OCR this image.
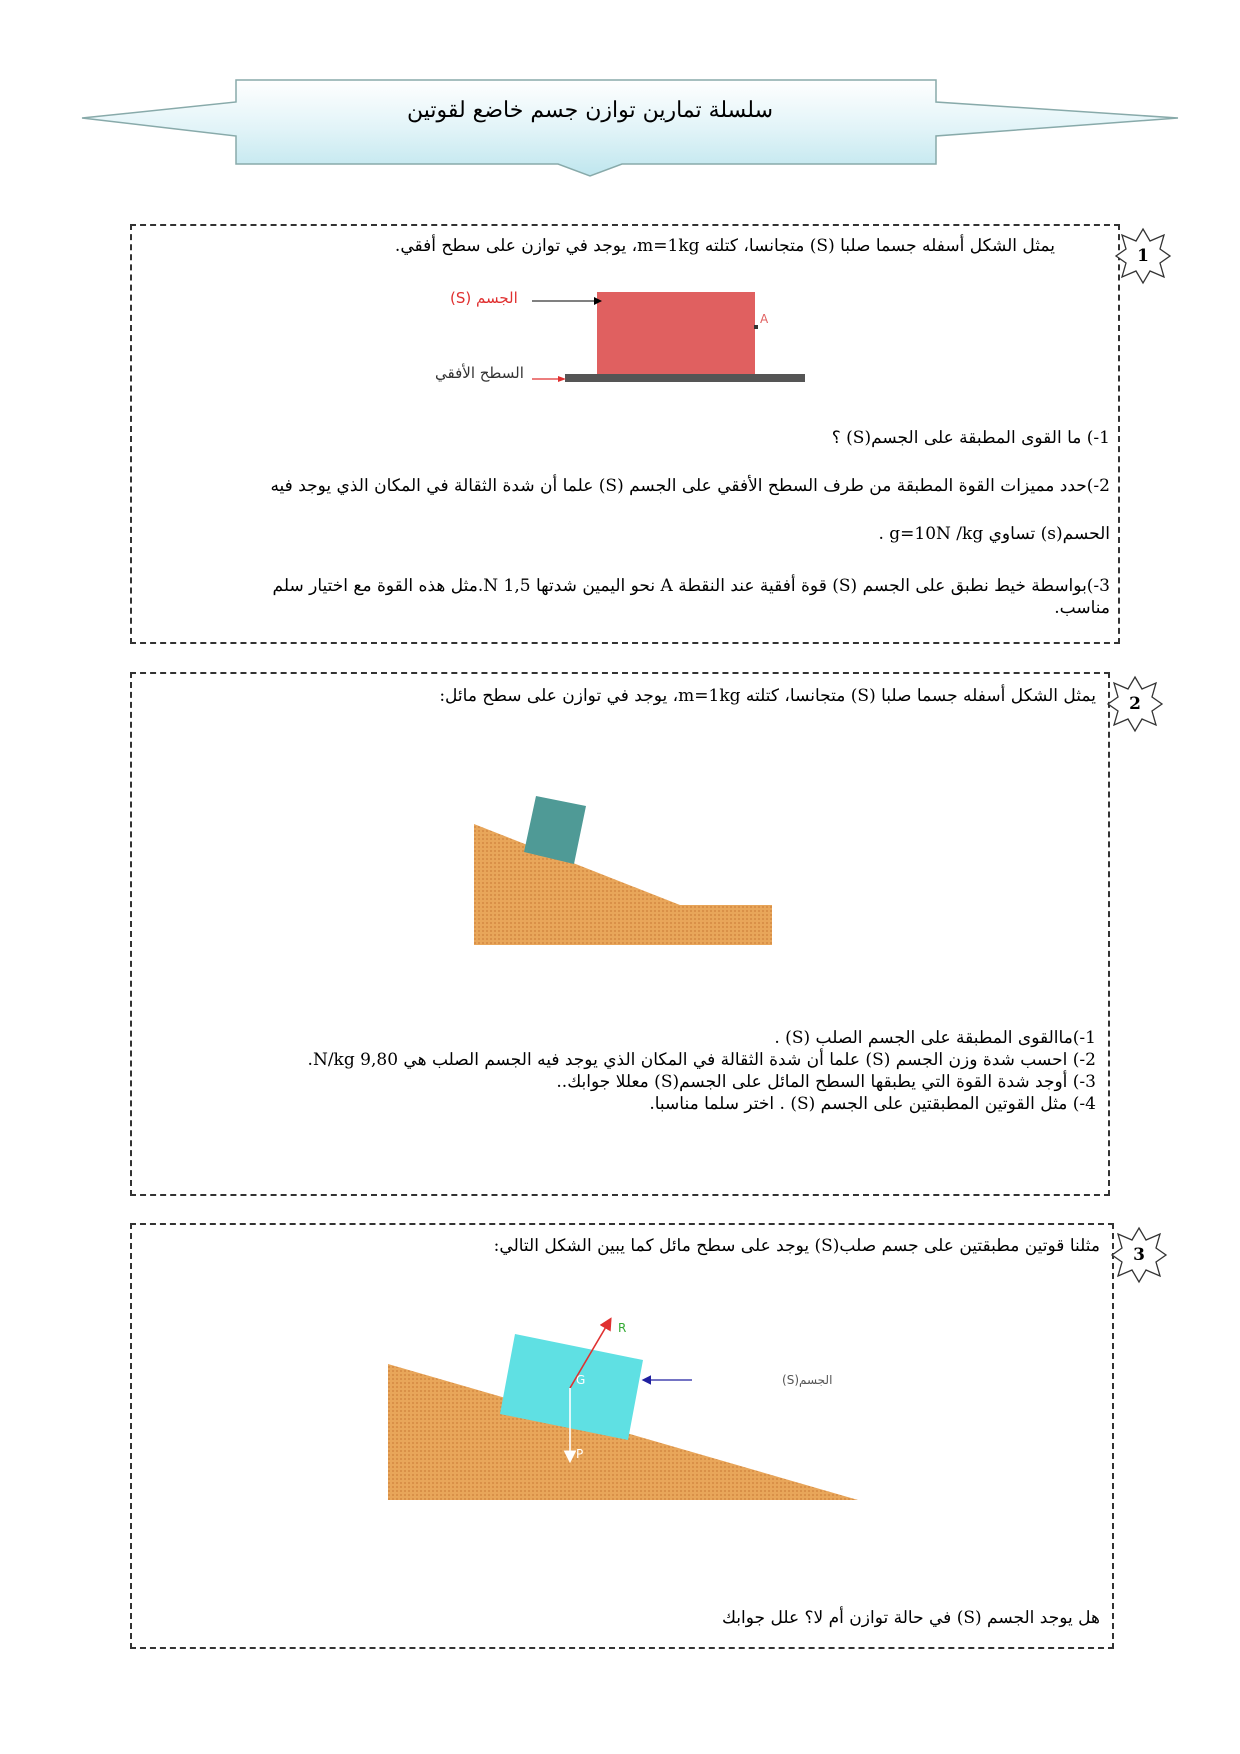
سلسلة تمارين توازن جسم خاضع لقوتين
1
يمثل الشكل أسفله جسما صلبا (S) متجانسا، كتلته m=1kg، يوجد في توازن على سطح أفقي.
1-) ما القوى المطبقة على الجسم(S) ؟
2-)حدد مميزات القوة المطبقة من طرف السطح الأفقي على الجسم (S) علما أن شدة الثقالة في المكان الذي يوجد فيه
الحسم(s) تساوي g=10N /kg .
3-)بواسطة خيط نطبق على الجسم (S) قوة أفقية عند النقطة A نحو اليمين شدتها 1,5 N.مثل هذه القوة مع اختيار سلم
مناسب.
A
الجسم (S)
السطح الأفقي
2
يمثل الشكل أسفله جسما صلبا (S) متجانسا، كتلته m=1kg، يوجد في توازن على سطح مائل:
1-)ماالقوى المطبقة على الجسم الصلب (S) .
2-) احسب شدة وزن الجسم (S) علما أن شدة الثقالة في المكان الذي يوجد فيه الجسم الصلب هي 9,80 N/kg.
3-) أوجد شدة القوة التي يطبقها السطح المائل على الجسم(S) معللا جوابك..
4-) مثل القوتين المطبقتين على الجسم (S) . اختر سلما مناسبا.
3
مثلنا قوتين مطبقتين على جسم صلب(S) يوجد على سطح مائل كما يبين الشكل التالي:
هل يوجد الجسم (S) في حالة توازن أم لا؟ علل جوابك
R
G
P
الجسم(S)
